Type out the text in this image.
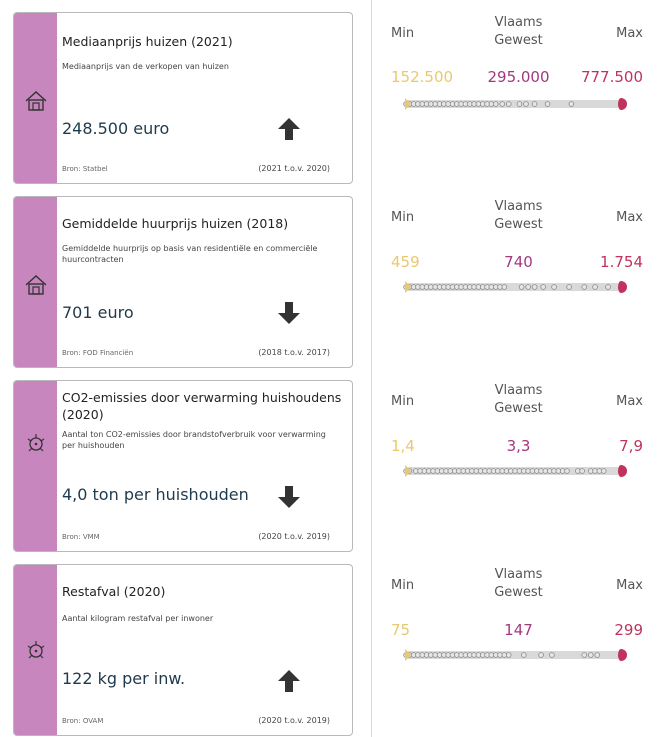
Mediaanprijs huizen (2021)
Mediaanprijs van de verkopen van huizen
248.500 euro
Bron: Statbel	(2021 t.o.v. 2020)
Gemiddelde huurprijs huizen (2018)
Gemiddelde huurprijs op basis van residentiële en commerciële huurcontracten
701 euro
Bron: FOD Financiën	(2018 t.o.v. 2017)
CO2-emissies door verwarming huishoudens (2020)
Aantal ton CO2-emissies door brandstofverbruik voor verwarming per huishouden
4,0 ton per huishouden
Bron: VMM	(2020 t.o.v. 2019)
Restafval (2020)
Aantal kilogram restafval per inwoner
122 kg per inw.
Bron: OVAM	(2020 t.o.v. 2019)
Min
Vlaams Gewest	Max
152.500	295.000	777.500
Min
Vlaams Gewest	Max
459	740	1.754
Min
Vlaams Gewest	Max
1,4	3,3	7,9
Min
Vlaams Gewest	Max
75	147	299
